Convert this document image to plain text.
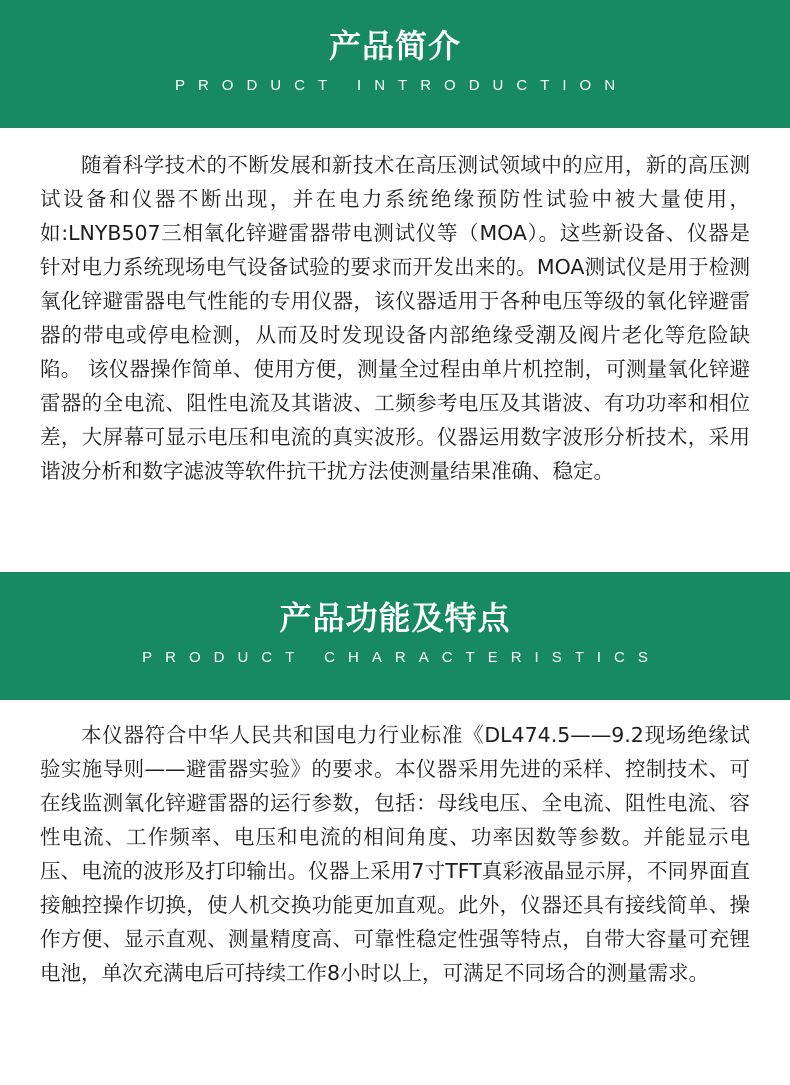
产品简介
PRODUCT INTRODUCTION
随着科学技术的不断发展和新技术在高压测试领域中的应用，新的高压测试设备和仪器不断出现，并在电力系统绝缘预防性试验中被大量使用，如:LNYB507三相氧化锌避雷器带电测试仪等（MOA）。这些新设备、仪器是针对电力系统现场电气设备试验的要求而开发出来的。MOA测试仪是用于检测氧化锌避雷器电气性能的专用仪器，该仪器适用于各种电压等级的氧化锌避雷器的带电或停电检测，从而及时发现设备内部绝缘受潮及阀片老化等危险缺陷。 该仪器操作简单、使用方便，测量全过程由单片机控制，可测量氧化锌避雷器的全电流、阻性电流及其谐波、工频参考电压及其谐波、有功功率和相位差，大屏幕可显示电压和电流的真实波形。仪器运用数字波形分析技术，采用谐波分析和数字滤波等软件抗干扰方法使测量结果准确、稳定。
产品功能及特点
PRODUCT CHARACTERISTICS
本仪器符合中华人民共和国电力行业标准《DL474.5——9.2现场绝缘试验实施导则——避雷器实验》的要求。本仪器采用先进的采样、控制技术、可在线监测氧化锌避雷器的运行参数，包括：母线电压、全电流、阻性电流、容性电流、工作频率、电压和电流的相间角度、功率因数等参数。并能显示电压、电流的波形及打印输出。仪器上采用7寸TFT真彩液晶显示屏，不同界面直接触控操作切换，使人机交换功能更加直观。此外，仪器还具有接线简单、操作方便、显示直观、测量精度高、可靠性稳定性强等特点，自带大容量可充锂电池，单次充满电后可持续工作8小时以上，可满足不同场合的测量需求。
